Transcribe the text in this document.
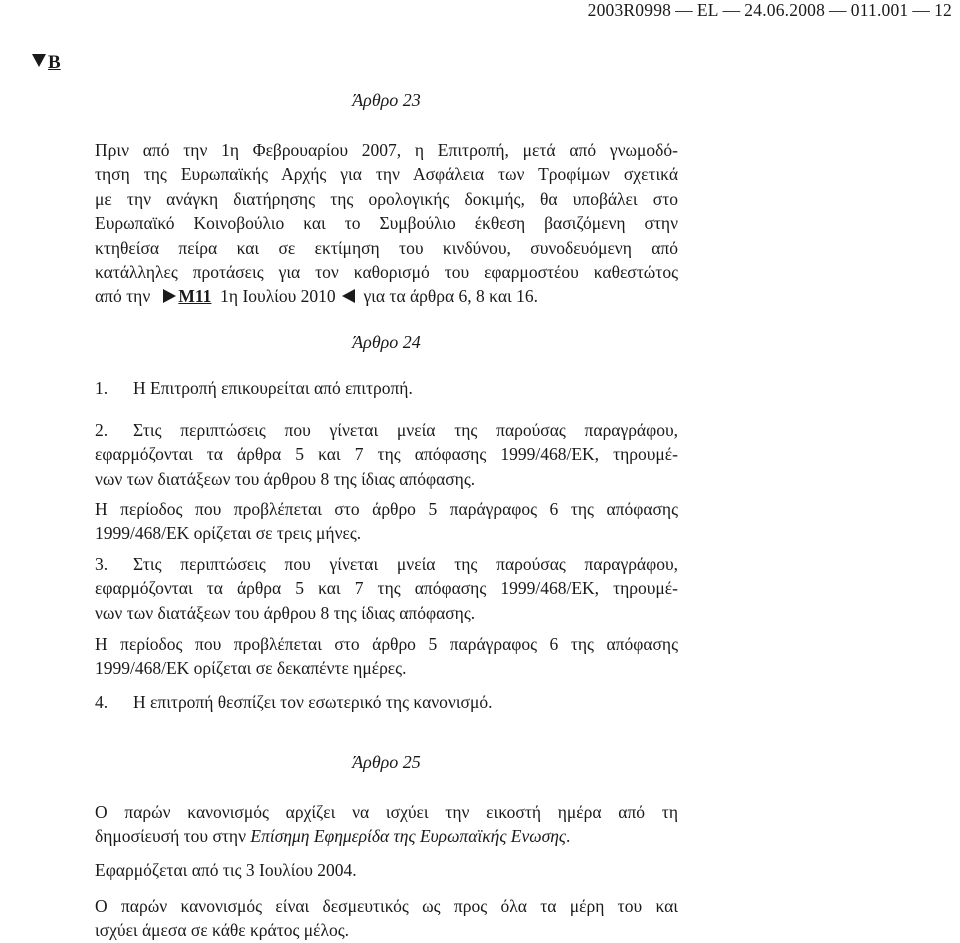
2003R0998 — EL — 24.06.2008 — 011.001 — 12
B
Άρθρο 23
Πριν από την 1η Φεβρουαρίου 2007, η Επιτροπή, μετά από γνωμοδό-
τηση της Ευρωπαϊκής Αρχής για την Ασφάλεια των Τροφίμων σχετικά
με την ανάγκη διατήρησης της ορολογικής δοκιμής, θα υποβάλει στο
Ευρωπαϊκό Κοινοβούλιο και το Συμβούλιο έκθεση βασιζόμενη στην
κτηθείσα πείρα και σε εκτίμηση του κινδύνου, συνοδευόμενη από
κατάλληλες προτάσεις για τον καθορισμό του εφαρμοστέου καθεστώτος
από την M11 1η Ιουλίου 2010 για τα άρθρα 6, 8 και 16.
Άρθρο 24
1. Η Επιτροπή επικουρείται από επιτροπή.
2. Στις περιπτώσεις που γίνεται μνεία της παρούσας παραγράφου,
εφαρμόζονται τα άρθρα 5 και 7 της απόφασης 1999/468/ΕΚ, τηρουμέ-
νων των διατάξεων του άρθρου 8 της ίδιας απόφασης.
Η περίοδος που προβλέπεται στο άρθρο 5 παράγραφος 6 της απόφασης
1999/468/ΕΚ ορίζεται σε τρεις μήνες.
3. Στις περιπτώσεις που γίνεται μνεία της παρούσας παραγράφου,
εφαρμόζονται τα άρθρα 5 και 7 της απόφασης 1999/468/ΕΚ, τηρουμέ-
νων των διατάξεων του άρθρου 8 της ίδιας απόφασης.
Η περίοδος που προβλέπεται στο άρθρο 5 παράγραφος 6 της απόφασης
1999/468/ΕΚ ορίζεται σε δεκαπέντε ημέρες.
4. Η επιτροπή θεσπίζει τον εσωτερικό της κανονισμό.
Άρθρο 25
Ο παρών κανονισμός αρχίζει να ισχύει την εικοστή ημέρα από τη
δημοσίευσή του στην Επίσημη Εφημερίδα της Ευρωπαϊκής Ενωσης.
Εφαρμόζεται από τις 3 Ιουλίου 2004.
Ο παρών κανονισμός είναι δεσμευτικός ως προς όλα τα μέρη του και
ισχύει άμεσα σε κάθε κράτος μέλος.
